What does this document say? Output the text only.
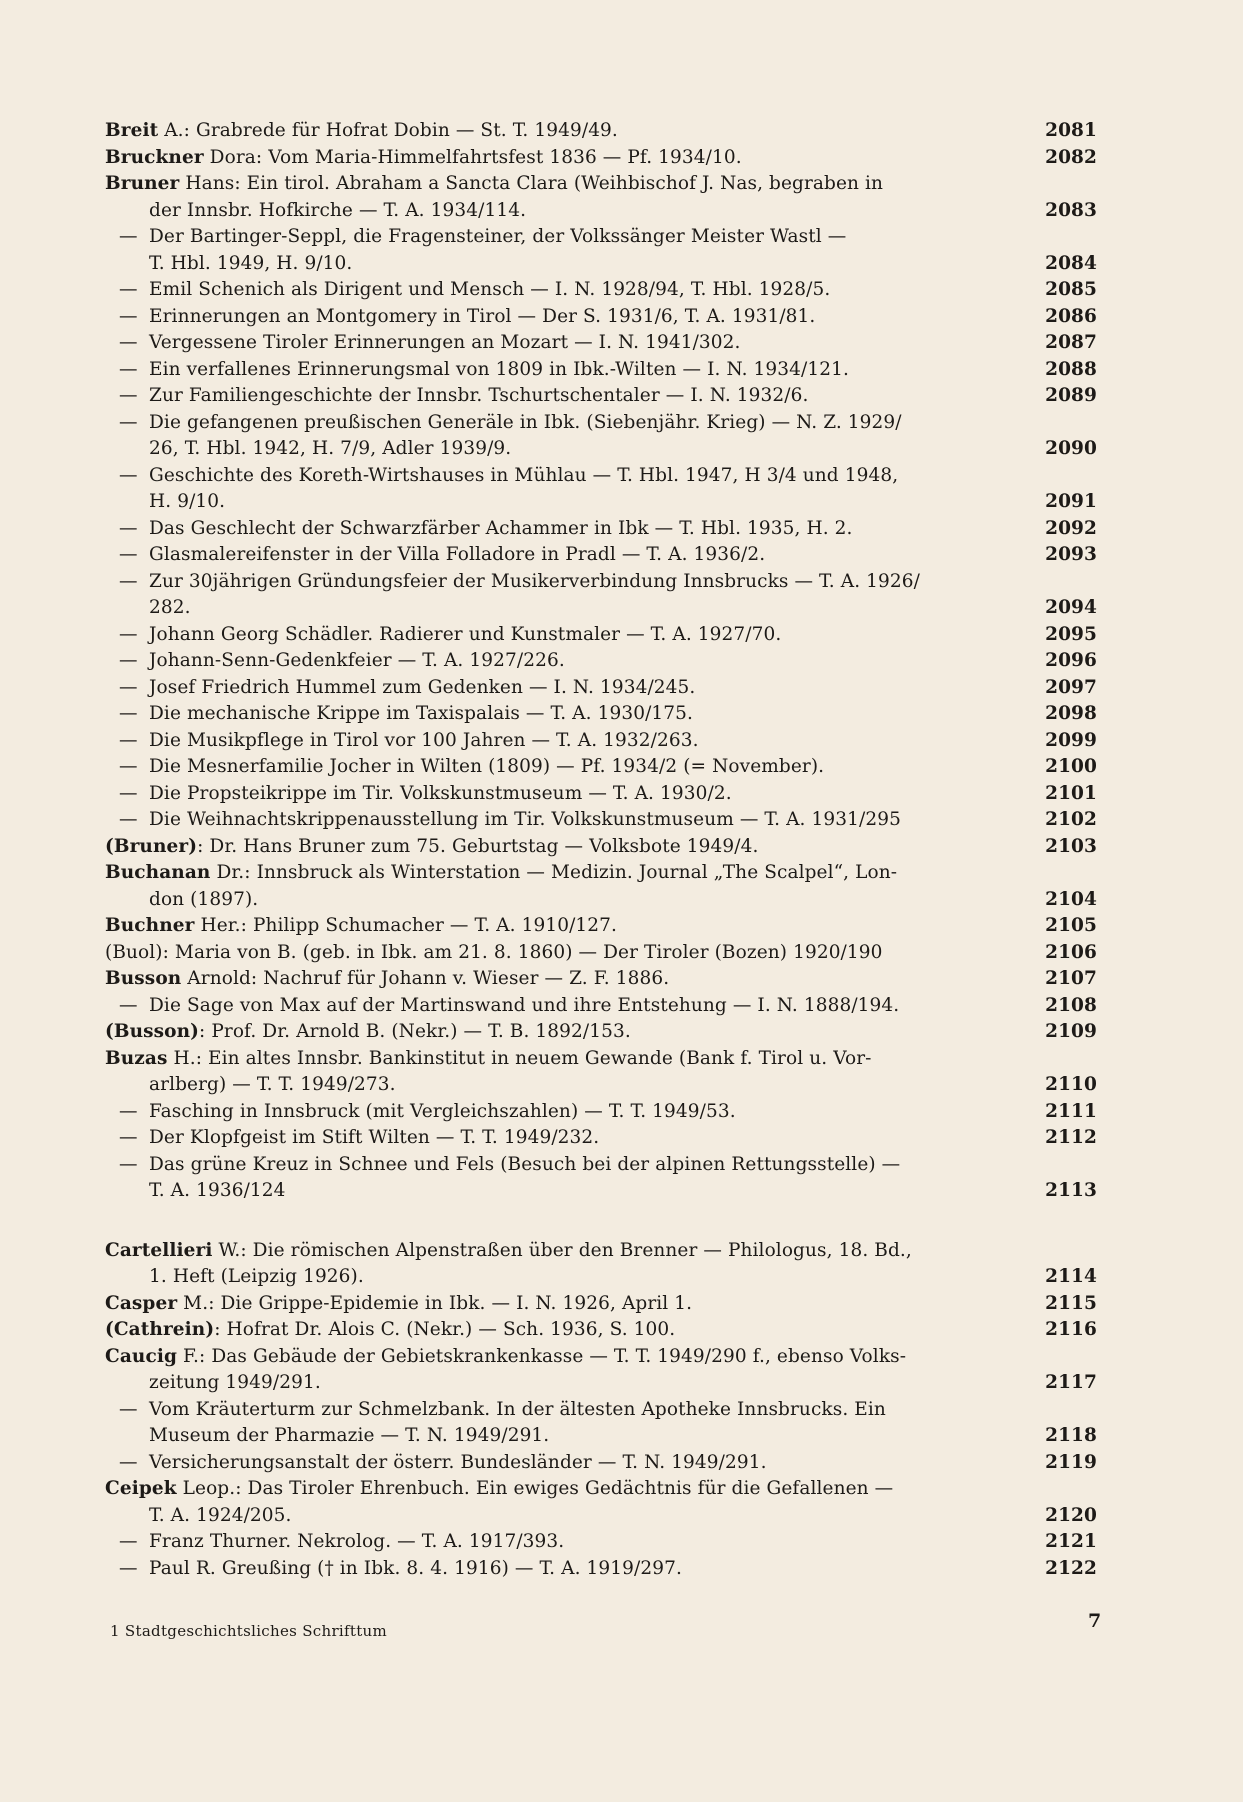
Breit A.: Grabrede für Hofrat Dobin — St. T. 1949/49.	2081
Bruckner Dora: Vom Maria-Himmelfahrtsfest 1836 — Pf. 1934/10.	2082
Bruner Hans: Ein tirol. Abraham a Sancta Clara (Weihbischof J. Nas, begraben in
der Innsbr. Hofkirche — T. A. 1934/114.	2083
— Der Bartinger-Seppl, die Fragensteiner, der Volkssänger Meister Wastl —
T. Hbl. 1949, H. 9/10.	2084
— Emil Schenich als Dirigent und Mensch — I. N. 1928/94, T. Hbl. 1928/5.	2085
— Erinnerungen an Montgomery in Tirol — Der S. 1931/6, T. A. 1931/81.	2086
— Vergessene Tiroler Erinnerungen an Mozart — I. N. 1941/302.	2087
— Ein verfallenes Erinnerungsmal von 1809 in Ibk.-Wilten — I. N. 1934/121.	2088
— Zur Familiengeschichte der Innsbr. Tschurtschentaler — I. N. 1932/6.	2089
— Die gefangenen preußischen Generäle in Ibk. (Siebenjähr. Krieg) — N. Z. 1929/
26, T. Hbl. 1942, H. 7/9, Adler 1939/9.	2090
— Geschichte des Koreth-Wirtshauses in Mühlau — T. Hbl. 1947, H 3/4 und 1948,
H. 9/10.	2091
— Das Geschlecht der Schwarzfärber Achammer in Ibk — T. Hbl. 1935, H. 2.	2092
— Glasmalereifenster in der Villa Folladore in Pradl — T. A. 1936/2.	2093
— Zur 30jährigen Gründungsfeier der Musikerverbindung Innsbrucks — T. A. 1926/
282.	2094
— Johann Georg Schädler. Radierer und Kunstmaler — T. A. 1927/70.	2095
— Johann-Senn-Gedenkfeier — T. A. 1927/226.	2096
— Josef Friedrich Hummel zum Gedenken — I. N. 1934/245.	2097
— Die mechanische Krippe im Taxispalais — T. A. 1930/175.	2098
— Die Musikpflege in Tirol vor 100 Jahren — T. A. 1932/263.	2099
— Die Mesnerfamilie Jocher in Wilten (1809) — Pf. 1934/2 (= November).	2100
— Die Propsteikrippe im Tir. Volkskunstmuseum — T. A. 1930/2.	2101
— Die Weihnachtskrippenausstellung im Tir. Volkskunstmuseum — T. A. 1931/295	2102
(Bruner): Dr. Hans Bruner zum 75. Geburtstag — Volksbote 1949/4.	2103
Buchanan Dr.: Innsbruck als Winterstation — Medizin. Journal „The Scalpel“, Lon-
don (1897).	2104
Buchner Her.: Philipp Schumacher — T. A. 1910/127.	2105
(Buol): Maria von B. (geb. in Ibk. am 21. 8. 1860) — Der Tiroler (Bozen) 1920/190	2106
Busson Arnold: Nachruf für Johann v. Wieser — Z. F. 1886.	2107
— Die Sage von Max auf der Martinswand und ihre Entstehung — I. N. 1888/194.	2108
(Busson): Prof. Dr. Arnold B. (Nekr.) — T. B. 1892/153.	2109
Buzas H.: Ein altes Innsbr. Bankinstitut in neuem Gewande (Bank f. Tirol u. Vor-
arlberg) — T. T. 1949/273.	2110
— Fasching in Innsbruck (mit Vergleichszahlen) — T. T. 1949/53.	2111
— Der Klopfgeist im Stift Wilten — T. T. 1949/232.	2112
— Das grüne Kreuz in Schnee und Fels (Besuch bei der alpinen Rettungsstelle) —
T. A. 1936/124	2113
Cartellieri W.: Die römischen Alpenstraßen über den Brenner — Philologus, 18. Bd.,
1. Heft (Leipzig 1926).	2114
Casper M.: Die Grippe-Epidemie in Ibk. — I. N. 1926, April 1.	2115
(Cathrein): Hofrat Dr. Alois C. (Nekr.) — Sch. 1936, S. 100.	2116
Caucig F.: Das Gebäude der Gebietskrankenkasse — T. T. 1949/290 f., ebenso Volks-
zeitung 1949/291.	2117
— Vom Kräuterturm zur Schmelzbank. In der ältesten Apotheke Innsbrucks. Ein
Museum der Pharmazie — T. N. 1949/291.	2118
— Versicherungsanstalt der österr. Bundesländer — T. N. 1949/291.	2119
Ceipek Leop.: Das Tiroler Ehrenbuch. Ein ewiges Gedächtnis für die Gefallenen —
T. A. 1924/205.	2120
— Franz Thurner. Nekrolog. — T. A. 1917/393.	2121
— Paul R. Greußing († in Ibk. 8. 4. 1916) — T. A. 1919/297.	2122
1 Stadtgeschichtsliches Schrifttum	7
